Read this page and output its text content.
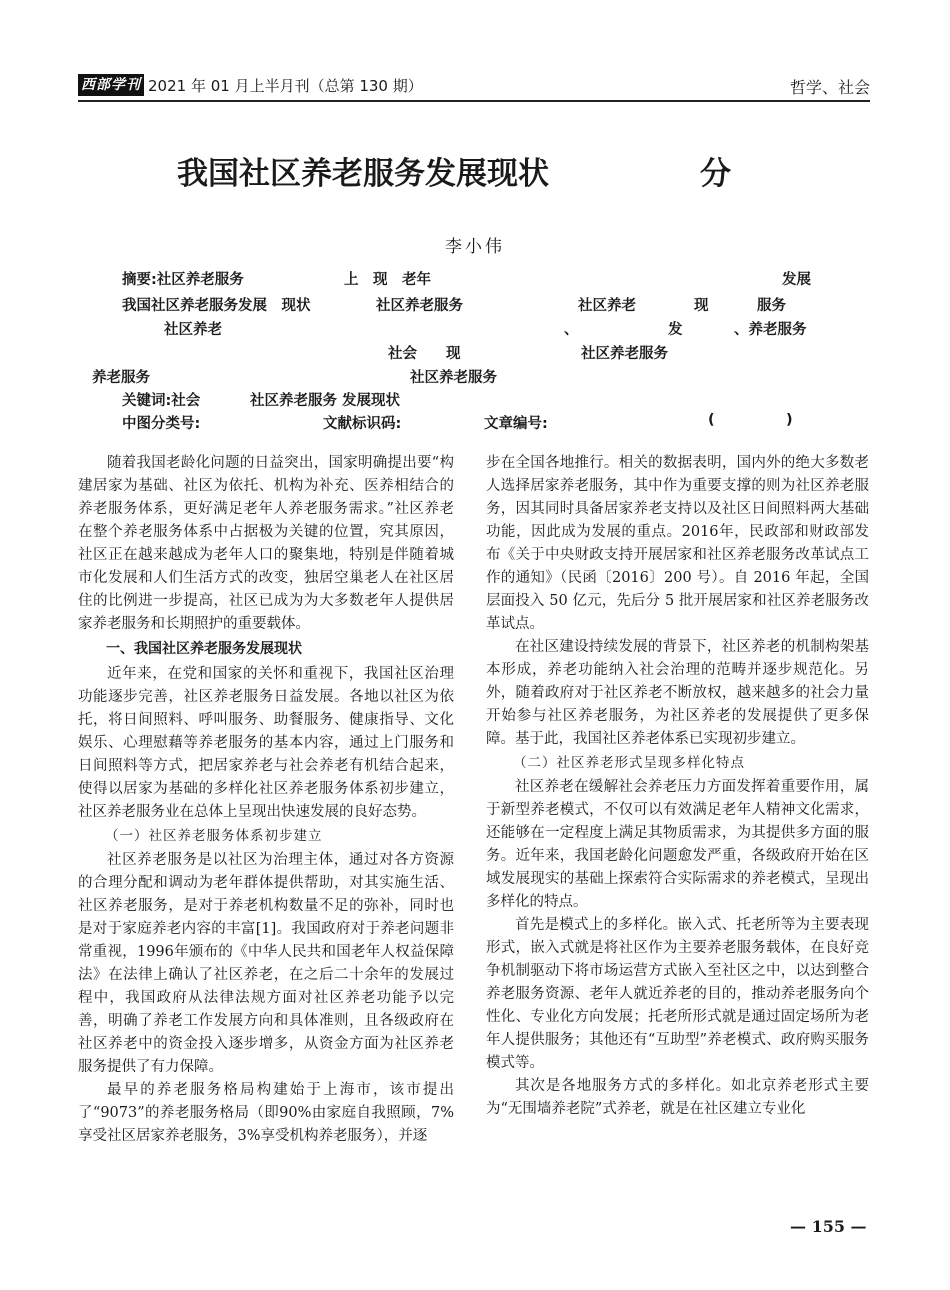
西部学刊 2021 年 01 月上半月刊（总第 130 期）	哲学、社会
我国社区养老服务发展现状	分
李小伟
摘要:社区养老服务	上　现　老年	发展
我国社区养老服务发展　现状	社区养老服务	社区养老	现	服务
社区养老	、	发	、养老服务
社会　　现	社区养老服务
养老服务	社区养老服务
关键词:社会	社区养老服务 发展现状
中图分类号:	文献标识码:	文章编号:	(	)

随着我国老龄化问题的日益突出，国家明确提出要“构建居家为基础、社区为依托、机构为补充、医养相结合的养老服务体系，更好满足老年人养老服务需求。”社区养老在整个养老服务体系中占据极为关键的位置，究其原因，社区正在越来越成为老年人口的聚集地，特别是伴随着城市化发展和人们生活方式的改变，独居空巢老人在社区居住的比例进一步提高，社区已成为为大多数老年人提供居家养老服务和长期照护的重要载体。

一、我国社区养老服务发展现状

近年来，在党和国家的关怀和重视下，我国社区治理功能逐步完善，社区养老服务日益发展。各地以社区为依托，将日间照料、呼叫服务、助餐服务、健康指导、文化娱乐、心理慰藉等养老服务的基本内容，通过上门服务和日间照料等方式，把居家养老与社会养老有机结合起来，使得以居家为基础的多样化社区养老服务体系初步建立，社区养老服务业在总体上呈现出快速发展的良好态势。

（一）社区养老服务体系初步建立

社区养老服务是以社区为治理主体，通过对各方资源的合理分配和调动为老年群体提供帮助，对其实施生活、社区养老服务，是对于养老机构数量不足的弥补，同时也是对于家庭养老内容的丰富[1]。我国政府对于养老问题非常重视，1996年颁布的《中华人民共和国老年人权益保障法》在法律上确认了社区养老，在之后二十余年的发展过程中，我国政府从法律法规方面对社区养老功能予以完善，明确了养老工作发展方向和具体准则，且各级政府在社区养老中的资金投入逐步增多，从资金方面为社区养老服务提供了有力保障。

最早的养老服务格局构建始于上海市，该市提出了“9073”的养老服务格局（即90%由家庭自我照顾，7%享受社区居家养老服务，3%享受机构养老服务），并逐

步在全国各地推行。相关的数据表明，国内外的绝大多数老人选择居家养老服务，其中作为重要支撑的则为社区养老服务，因其同时具备居家养老支持以及社区日间照料两大基础功能，因此成为发展的重点。2016年，民政部和财政部发布《关于中央财政支持开展居家和社区养老服务改革试点工作的通知》（民函〔2016〕200 号）。自 2016 年起，全国层面投入 50 亿元，先后分 5 批开展居家和社区养老服务改革试点。

在社区建设持续发展的背景下，社区养老的机制构架基本形成，养老功能纳入社会治理的范畴并逐步规范化。另外，随着政府对于社区养老不断放权，越来越多的社会力量开始参与社区养老服务，为社区养老的发展提供了更多保障。基于此，我国社区养老体系已实现初步建立。

（二）社区养老形式呈现多样化特点

社区养老在缓解社会养老压力方面发挥着重要作用，属于新型养老模式，不仅可以有效满足老年人精神文化需求，还能够在一定程度上满足其物质需求，为其提供多方面的服务。近年来，我国老龄化问题愈发严重，各级政府开始在区域发展现实的基础上探索符合实际需求的养老模式，呈现出多样化的特点。

首先是模式上的多样化。嵌入式、托老所等为主要表现形式，嵌入式就是将社区作为主要养老服务载体，在良好竞争机制驱动下将市场运营方式嵌入至社区之中，以达到整合养老服务资源、老年人就近养老的目的，推动养老服务向个性化、专业化方向发展；托老所形式就是通过固定场所为老年人提供服务；其他还有“互助型”养老模式、政府购买服务模式等。

其次是各地服务方式的多样化。如北京养老形式主要为“无围墙养老院”式养老，就是在社区建立专业化

— 155 —
